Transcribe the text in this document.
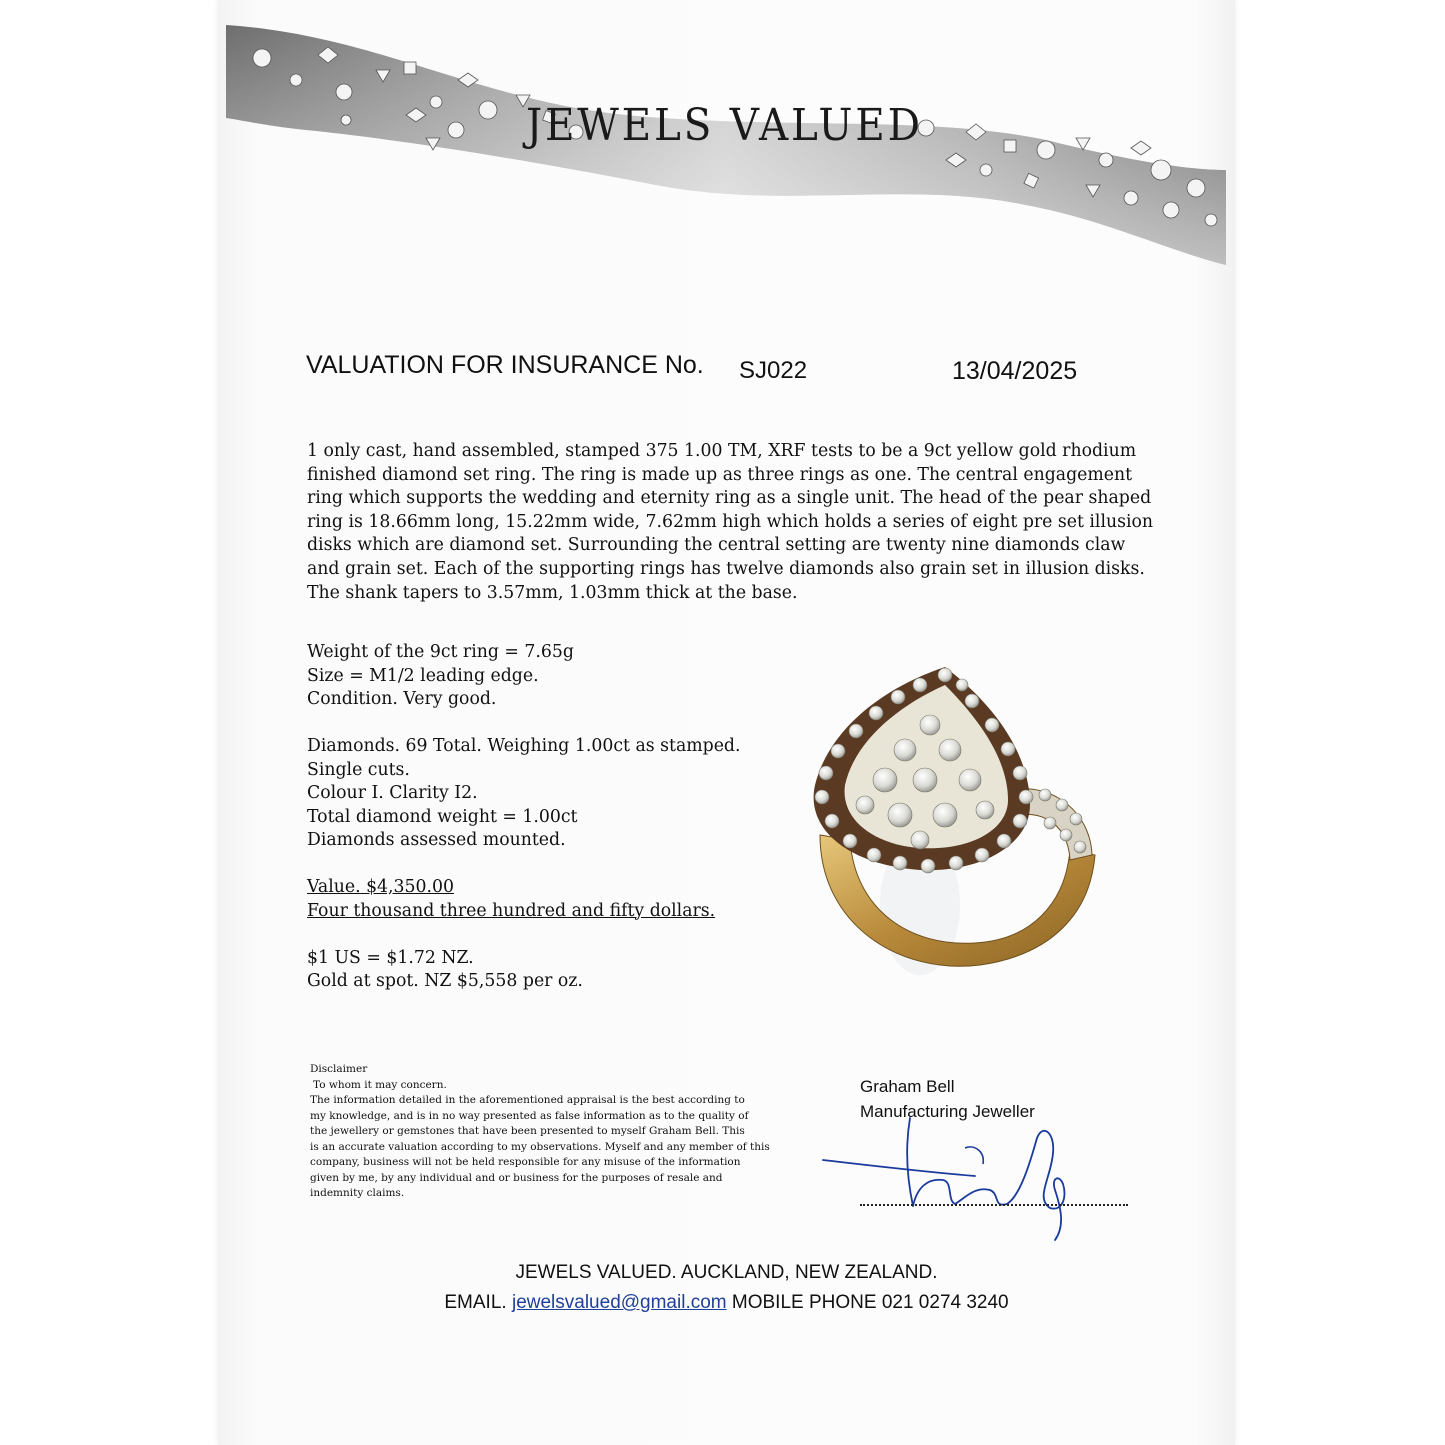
JEWELS VALUED
VALUATION FOR INSURANCE No. SJ022	13/04/2025

1 only cast, hand assembled, stamped 375 1.00 TM, XRF tests to be a 9ct yellow gold rhodium finished diamond set ring. The ring is made up as three rings as one. The central engagement ring which supports the wedding and eternity ring as a single unit. The head of the pear shaped ring is 18.66mm long, 15.22mm wide, 7.62mm high which holds a series of eight pre set illusion disks which are diamond set. Surrounding the central setting are twenty nine diamonds claw and grain set. Each of the supporting rings has twelve diamonds also grain set in illusion disks. The shank tapers to 3.57mm, 1.03mm thick at the base.

Weight of the 9ct ring = 7.65g
Size = M1/2 leading edge.
Condition. Very good.
Diamonds. 69 Total. Weighing 1.00ct as stamped.
Single cuts.
Colour I. Clarity I2.
Total diamond weight = 1.00ct
Diamonds assessed mounted.
Value. $4,350.00
Four thousand three hundred and fifty dollars.
$1 US = $1.72 NZ.
Gold at spot. NZ $5,558 per oz.
Disclaimer
To whom it may concern.
The information detailed in the aforementioned appraisal is the best according to
my knowledge, and is in no way presented as false information as to the quality of
the jewellery or gemstones that have been presented to myself Graham Bell. This
is an accurate valuation according to my observations. Myself and any member of this
company, business will not be held responsible for any misuse of the information
given by me, by any individual and or business for the purposes of resale and
indemnity claims.
Graham Bell
Manufacturing Jeweller
JEWELS VALUED. AUCKLAND, NEW ZEALAND.
EMAIL. jewelsvalued@gmail.com MOBILE PHONE 021 0274 3240
